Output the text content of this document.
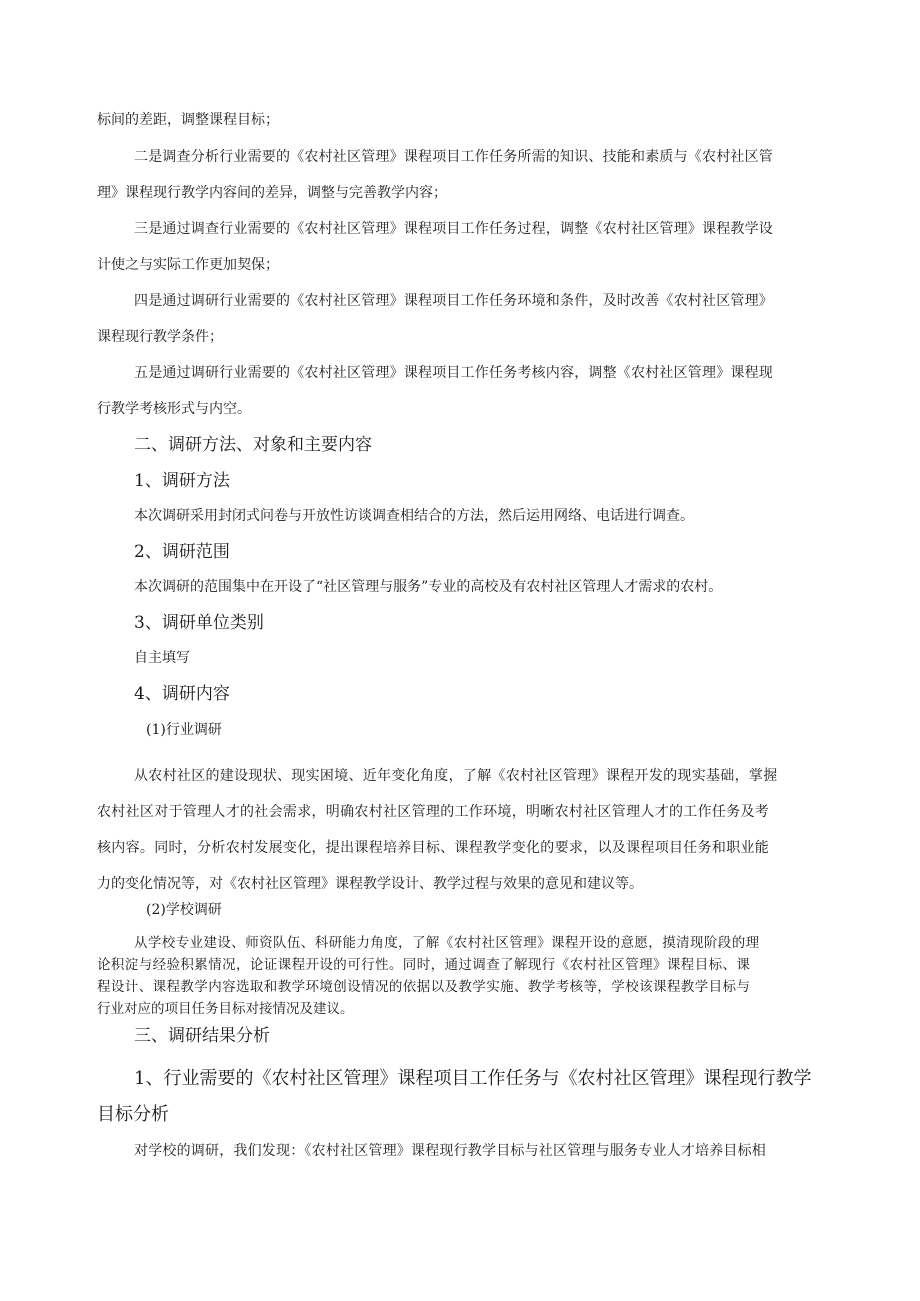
标间的差距，调整课程目标；
二是调查分析行业需要的《农村社区管理》课程项目工作任务所需的知识、技能和素质与《农村社区管
理》课程现行教学内容间的差异，调整与完善教学内容；
三是通过调查行业需要的《农村社区管理》课程项目工作任务过程，调整《农村社区管理》课程教学设
计使之与实际工作更加契保；
四是通过调研行业需要的《农村社区管理》课程项目工作任务环境和条件，及时改善《农村社区管理》
课程现行教学条件；
五是通过调研行业需要的《农村社区管理》课程项目工作任务考核内容，调整《农村社区管理》课程现
行教学考核形式与内空。
二、调研方法、对象和主要内容
1、调研方法
本次调研采用封闭式问卷与开放性访谈调查相结合的方法，然后运用网络、电话进行调查。
2、调研范围
本次调研的范围集中在开设了“社区管理与服务”专业的高校及有农村社区管理人才需求的农村。
3、调研单位类别
自主填写
4、调研内容
(1)行业调研
从农村社区的建设现状、现实困境、近年变化角度，了解《农村社区管理》课程开发的现实基础，掌握
农村社区对于管理人才的社会需求，明确农村社区管理的工作环境，明晰农村社区管理人才的工作任务及考
核内容。同时，分析农村发展变化，提出课程培养目标、课程教学变化的要求，以及课程项目任务和职业能
力的变化情况等，对《农村社区管理》课程教学设计、教学过程与效果的意见和建议等。
(2)学校调研
从学校专业建设、师资队伍、科研能力角度，了解《农村社区管理》课程开设的意愿，摸清现阶段的理
论积淀与经验积累情况，论证课程开设的可行性。同时，通过调查了解现行《农村社区管理》课程目标、课
程设计、课程教学内容选取和教学环境创设情况的依据以及教学实施、教学考核等，学校该课程教学目标与
行业对应的项目任务目标对接情况及建议。
三、调研结果分析
1、行业需要的《农村社区管理》课程项目工作任务与《农村社区管理》课程现行教学
目标分析
对学校的调研，我们发现：《农村社区管理》课程现行教学目标与社区管理与服务专业人才培养目标相
